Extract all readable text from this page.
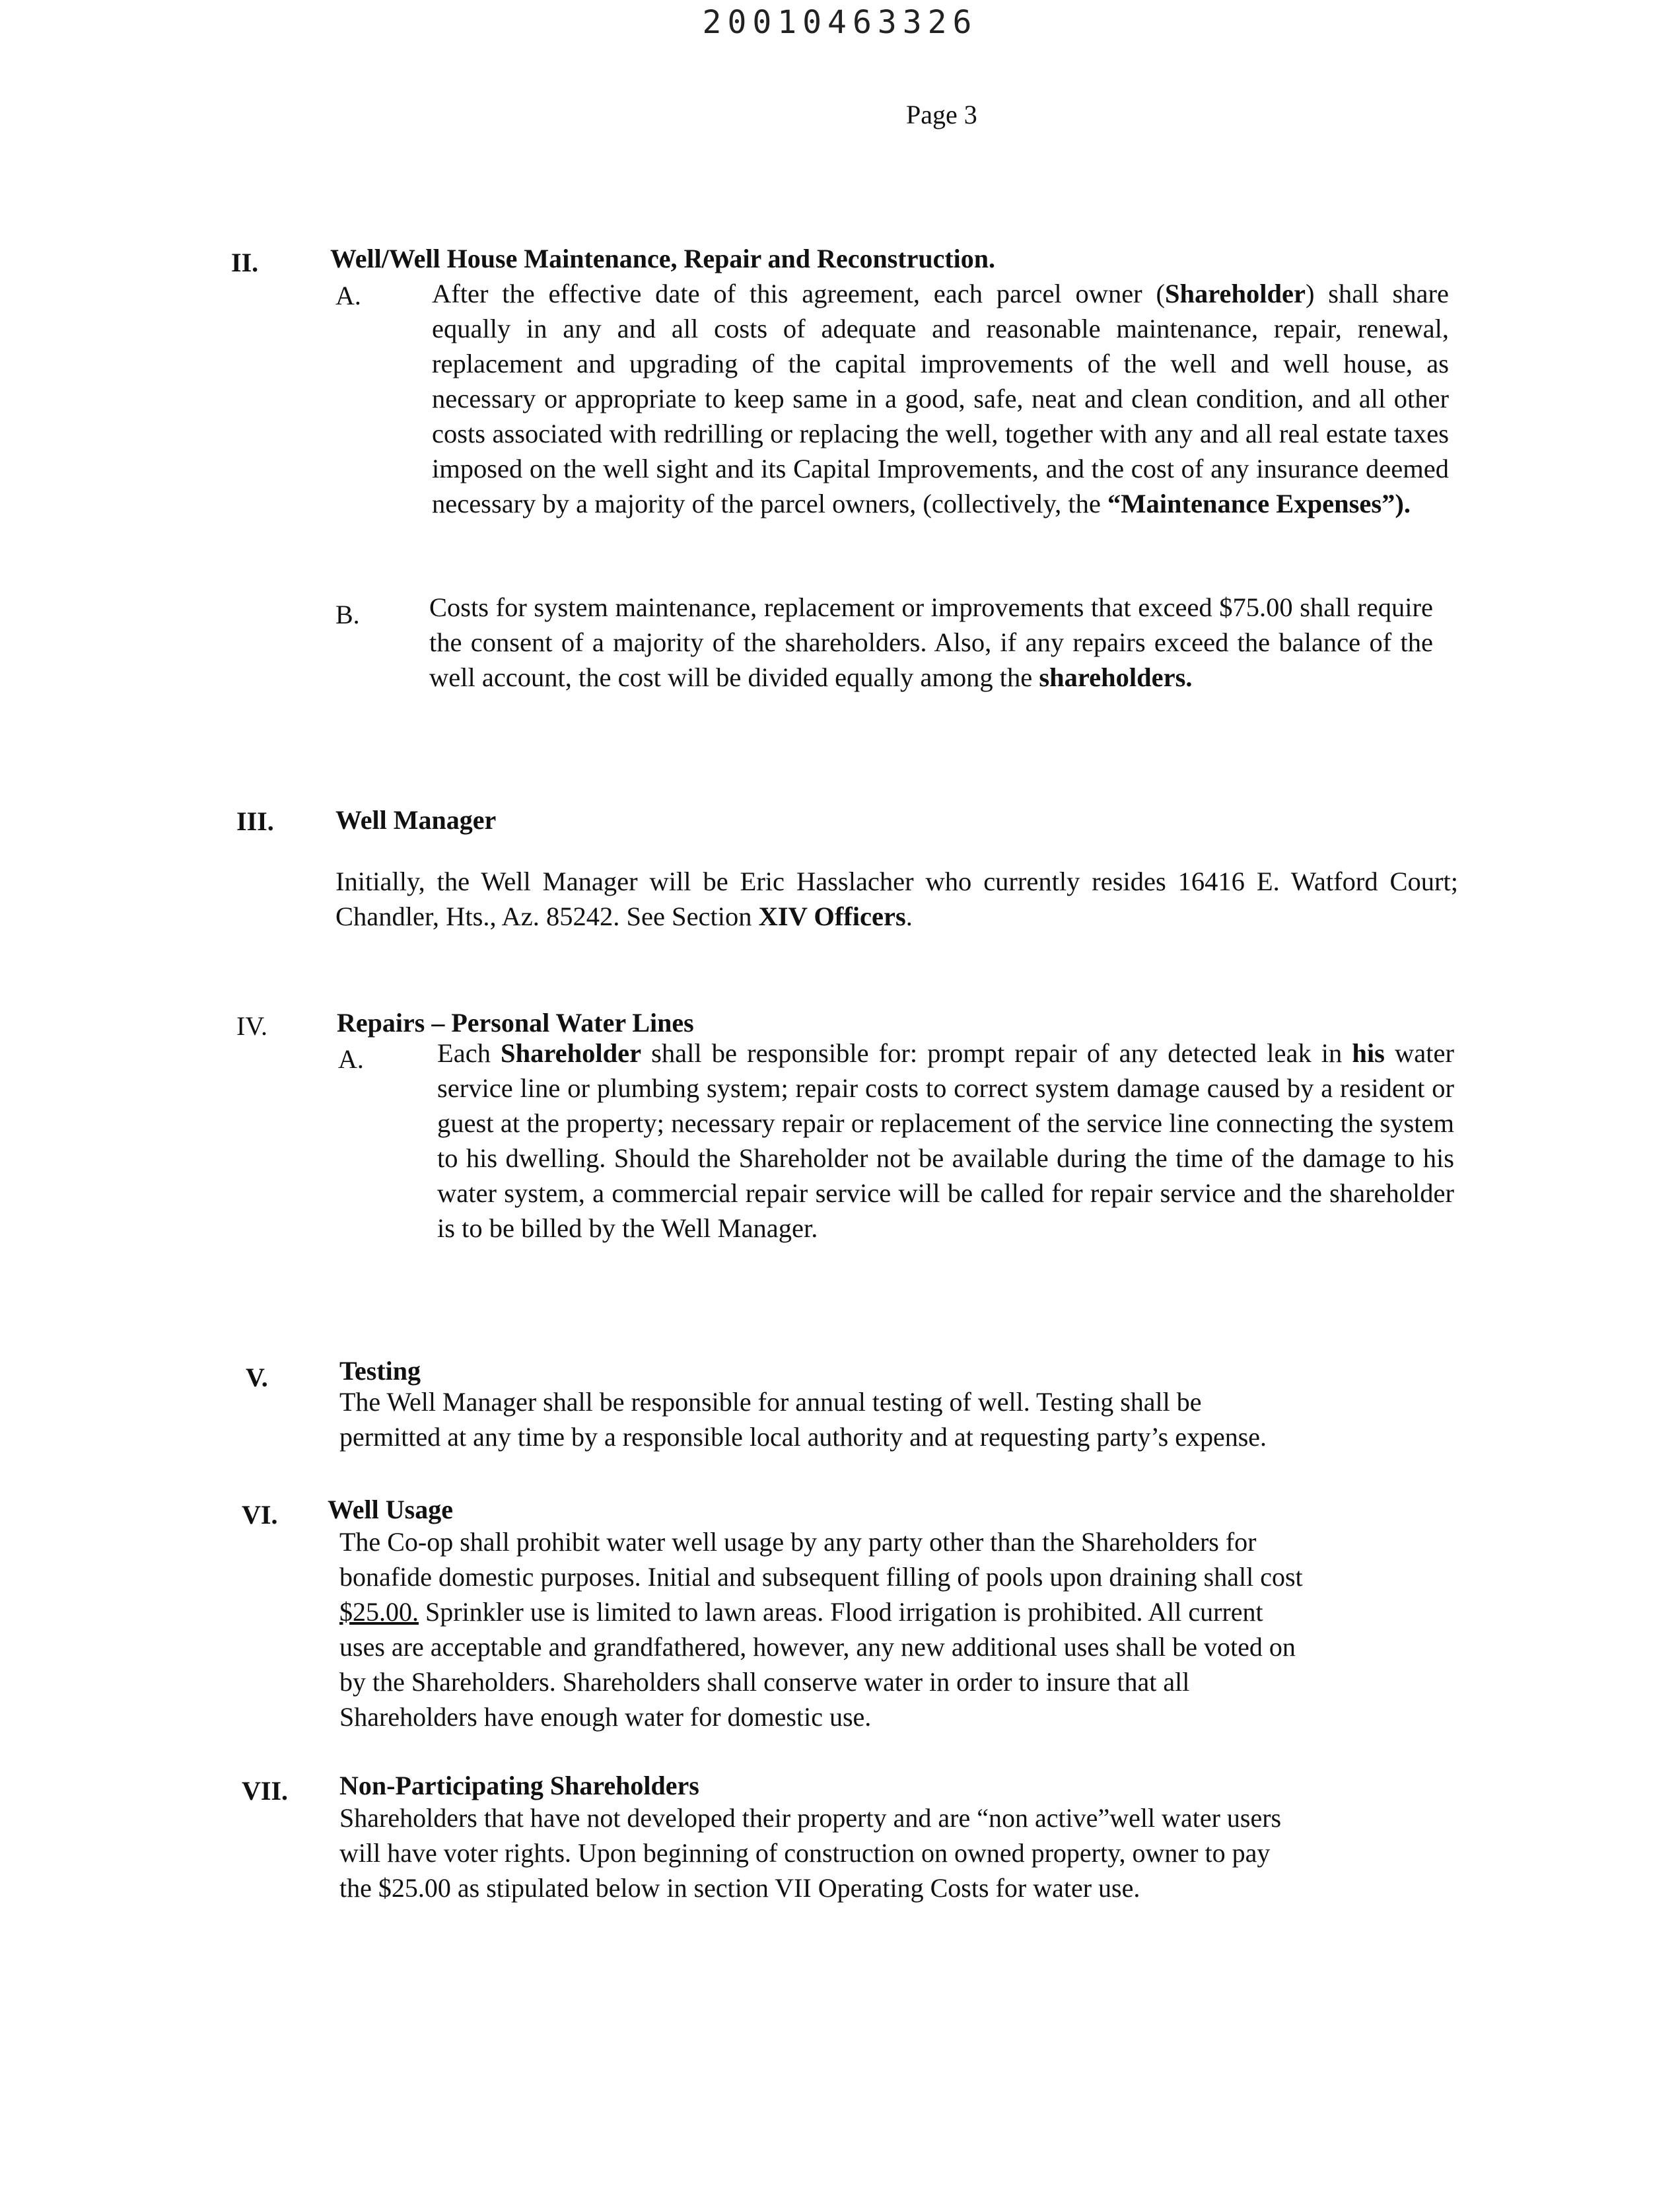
20010463326
Page 3
II.	Well/Well House Maintenance, Repair and Reconstruction.
A.	After the effective date of this agreement, each parcel owner (Shareholder) shall share equally in any and all costs of adequate and reasonable maintenance, repair, renewal, replacement and upgrading of the capital improvements of the well and well house, as necessary or appropriate to keep same in a good, safe, neat and clean condition, and all other costs associated with redrilling or replacing the well, together with any and all real estate taxes imposed on the well sight and its Capital Improvements, and the cost of any insurance deemed necessary by a majority of the parcel owners, (collectively, the “Maintenance Expenses”).

B.	Costs for system maintenance, replacement or improvements that exceed $75.00 shall require the consent of a majority of the shareholders. Also, if any repairs exceed the balance of the well account, the cost will be divided equally among the shareholders.

III. Well Manager

Initially, the Well Manager will be Eric Hasslacher who currently resides 16416 E. Watford Court; Chandler, Hts., Az. 85242. See Section XIV Officers.

IV.	Repairs – Personal Water Lines
A.	Each Shareholder shall be responsible for: prompt repair of any detected leak in his water service line or plumbing system; repair costs to correct system damage caused by a resident or guest at the property; necessary repair or replacement of the service line connecting the system to his dwelling. Should the Shareholder not be available during the time of the damage to his water system, a commercial repair service will be called for repair service and the shareholder is to be billed by the Well Manager.

V.	Testing
The Well Manager shall be responsible for annual testing of well. Testing shall be
permitted at any time by a responsible local authority and at requesting party’s expense.
VI. Well Usage
The Co-op shall prohibit water well usage by any party other than the Shareholders for
bonafide domestic purposes. Initial and subsequent filling of pools upon draining shall cost
$25.00. Sprinkler use is limited to lawn areas. Flood irrigation is prohibited. All current
uses are acceptable and grandfathered, however, any new additional uses shall be voted on
by the Shareholders. Shareholders shall conserve water in order to insure that all
Shareholders have enough water for domestic use.
VII. Non-Participating Shareholders
Shareholders that have not developed their property and are “non active”well water users
will have voter rights. Upon beginning of construction on owned property, owner to pay
the $25.00 as stipulated below in section VII Operating Costs for water use.
